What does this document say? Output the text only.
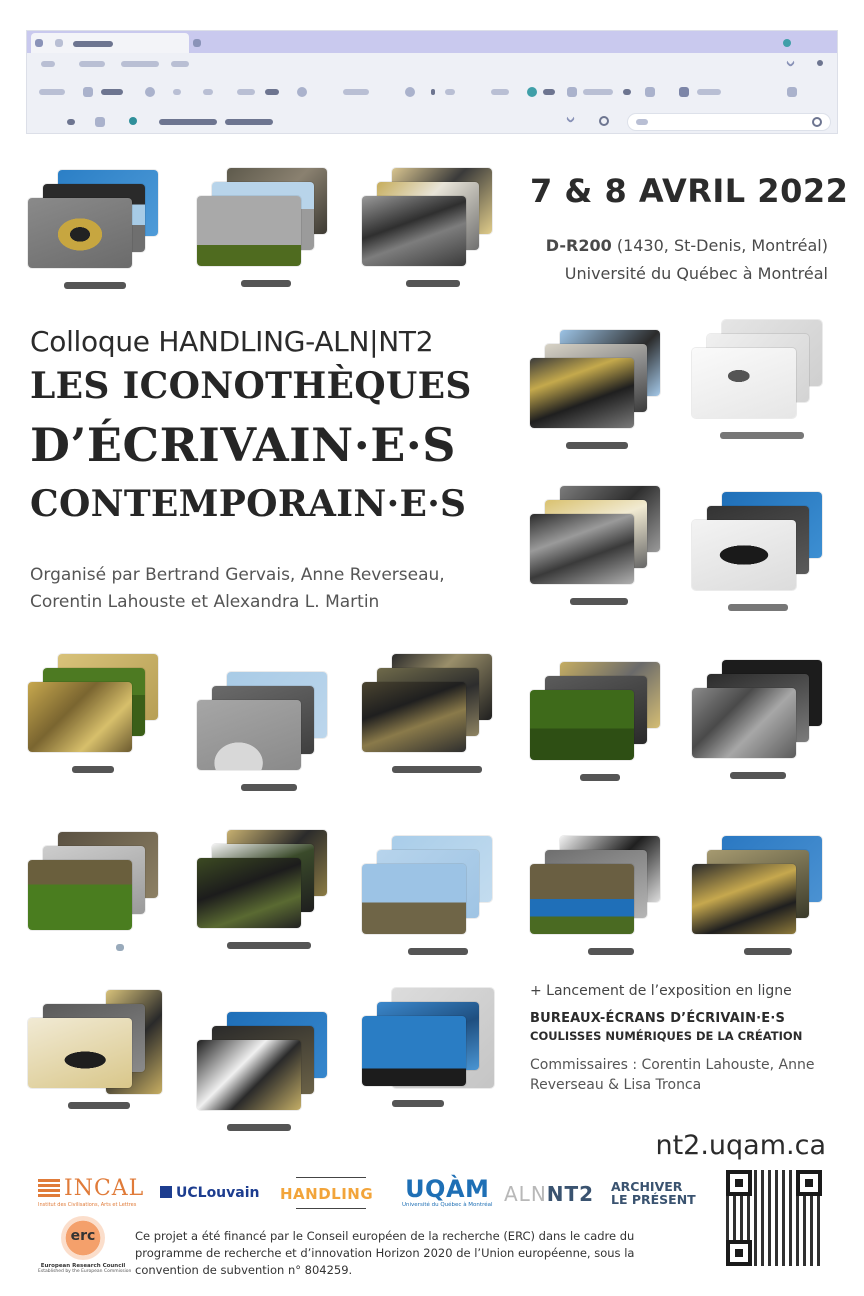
7 & 8 AVRIL 2022
D-R200 (1430, St-Denis, Montréal)
Université du Québec à Montréal
Colloque HANDLING-ALN|NT2
LES ICONOTHÈQUES
D’ÉCRIVAIN·E·S
CONTEMPORAIN·E·S
Organisé par Bertrand Gervais, Anne Reverseau, Corentin Lahouste et Alexandra L. Martin
+ Lancement de l’exposition en ligne
BUREAUX-ÉCRANS D’ÉCRIVAIN·E·S
COULISSES NUMÉRIQUES DE LA CRÉATION
Commissaires : Corentin Lahouste, Anne Reverseau & Lisa Tronca
nt2.uqam.ca
INCAL
Institut des Civilisations, Arts et Lettres
UCLouvain HANDLING UQÀM
Université du Québec à Montréal ALNNT2 ARCHIVER
LE PRÉSENT
erc
European Research Council
Established by the European Commission
Ce projet a été financé par le Conseil européen de la recherche (ERC) dans le cadre du programme de recherche et d’innovation Horizon 2020 de l’Union européenne, sous la convention de subvention n° 804259.
